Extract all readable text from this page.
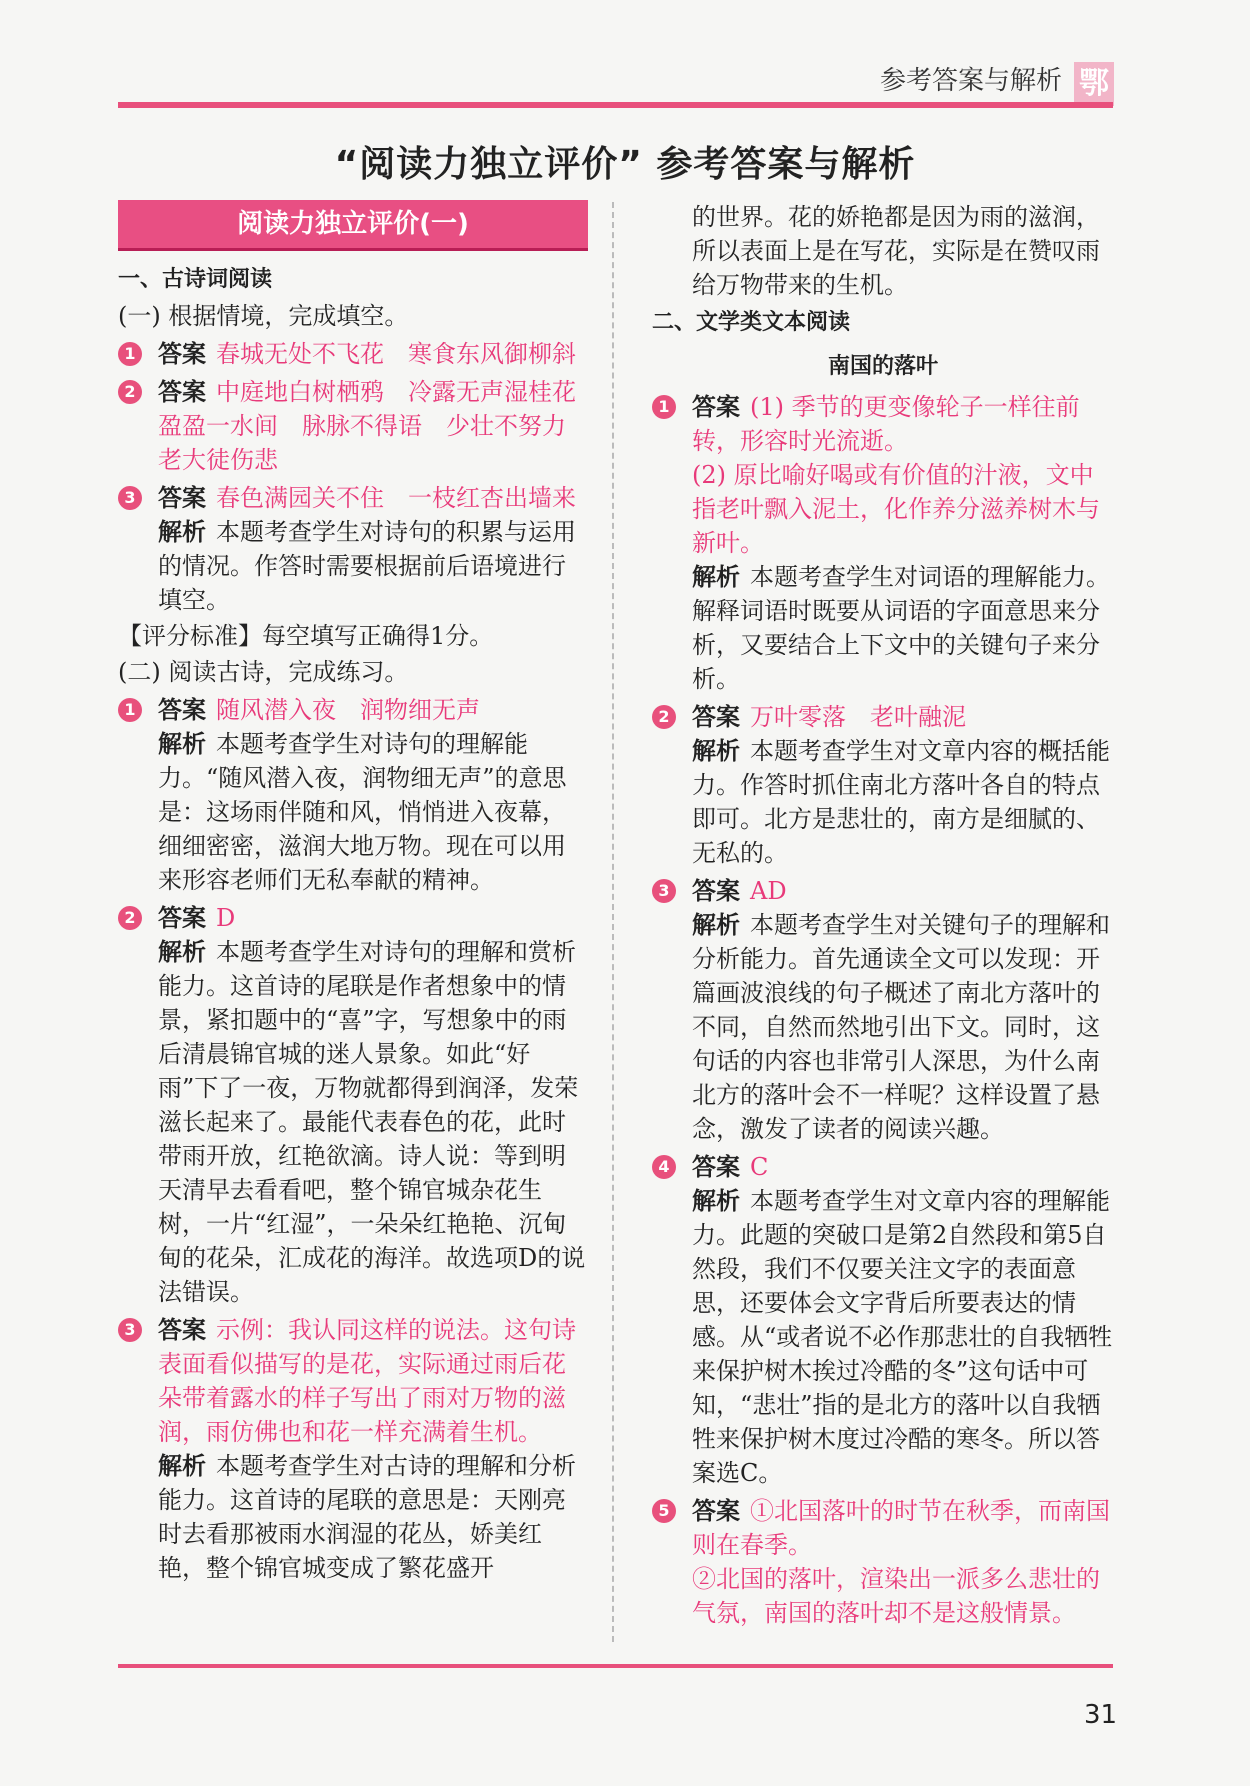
参考答案与解析 鄂
“阅读力独立评价” 参考答案与解析
阅读力独立评价(一)
一、古诗词阅读
(一) 根据情境，完成填空。
1 答案 春城无处不飞花　寒食东风御柳斜
2 答案 中庭地白树栖鸦　冷露无声湿桂花　盈盈一水间　脉脉不得语　少壮不努力　老大徒伤悲
3 答案 春色满园关不住　一枝红杏出墙来
解析 本题考查学生对诗句的积累与运用的情况。作答时需要根据前后语境进行填空。
【评分标准】每空填写正确得1分。
(二) 阅读古诗，完成练习。
1 答案 随风潜入夜　润物细无声
解析 本题考查学生对诗句的理解能力。“随风潜入夜，润物细无声”的意思是：这场雨伴随和风，悄悄进入夜幕，细细密密，滋润大地万物。现在可以用来形容老师们无私奉献的精神。
2 答案 D
解析 本题考查学生对诗句的理解和赏析能力。这首诗的尾联是作者想象中的情景，紧扣题中的“喜”字，写想象中的雨后清晨锦官城的迷人景象。如此“好雨”下了一夜，万物就都得到润泽，发荣滋长起来了。最能代表春色的花，此时带雨开放，红艳欲滴。诗人说：等到明天清早去看看吧，整个锦官城杂花生树，一片“红湿”，一朵朵红艳艳、沉甸甸的花朵，汇成花的海洋。故选项D的说法错误。
3 答案 示例：我认同这样的说法。这句诗表面看似描写的是花，实际通过雨后花朵带着露水的样子写出了雨对万物的滋润，雨仿佛也和花一样充满着生机。
解析 本题考查学生对古诗的理解和分析能力。这首诗的尾联的意思是：天刚亮时去看那被雨水润湿的花丛，娇美红艳，整个锦官城变成了繁花盛开
的世界。花的娇艳都是因为雨的滋润，所以表面上是在写花，实际是在赞叹雨给万物带来的生机。
二、文学类文本阅读
南国的落叶
1 答案 (1) 季节的更变像轮子一样往前转，形容时光流逝。
(2) 原比喻好喝或有价值的汁液，文中指老叶飘入泥土，化作养分滋养树木与新叶。
解析 本题考查学生对词语的理解能力。解释词语时既要从词语的字面意思来分析，又要结合上下文中的关键句子来分析。
2 答案 万叶零落　老叶融泥
解析 本题考查学生对文章内容的概括能力。作答时抓住南北方落叶各自的特点即可。北方是悲壮的，南方是细腻的、无私的。
3 答案 AD
解析 本题考查学生对关键句子的理解和分析能力。首先通读全文可以发现：开篇画波浪线的句子概述了南北方落叶的不同，自然而然地引出下文。同时，这句话的内容也非常引人深思，为什么南北方的落叶会不一样呢？这样设置了悬念，激发了读者的阅读兴趣。
4 答案 C
解析 本题考查学生对文章内容的理解能力。此题的突破口是第2自然段和第5自然段，我们不仅要关注文字的表面意思，还要体会文字背后所要表达的情感。从“或者说不必作那悲壮的自我牺牲来保护树木挨过冷酷的冬”这句话中可知，“悲壮”指的是北方的落叶以自我牺牲来保护树木度过冷酷的寒冬。所以答案选C。
5 答案 ①北国落叶的时节在秋季，而南国则在春季。
②北国的落叶，渲染出一派多么悲壮的气氛，南国的落叶却不是这般情景。
31
